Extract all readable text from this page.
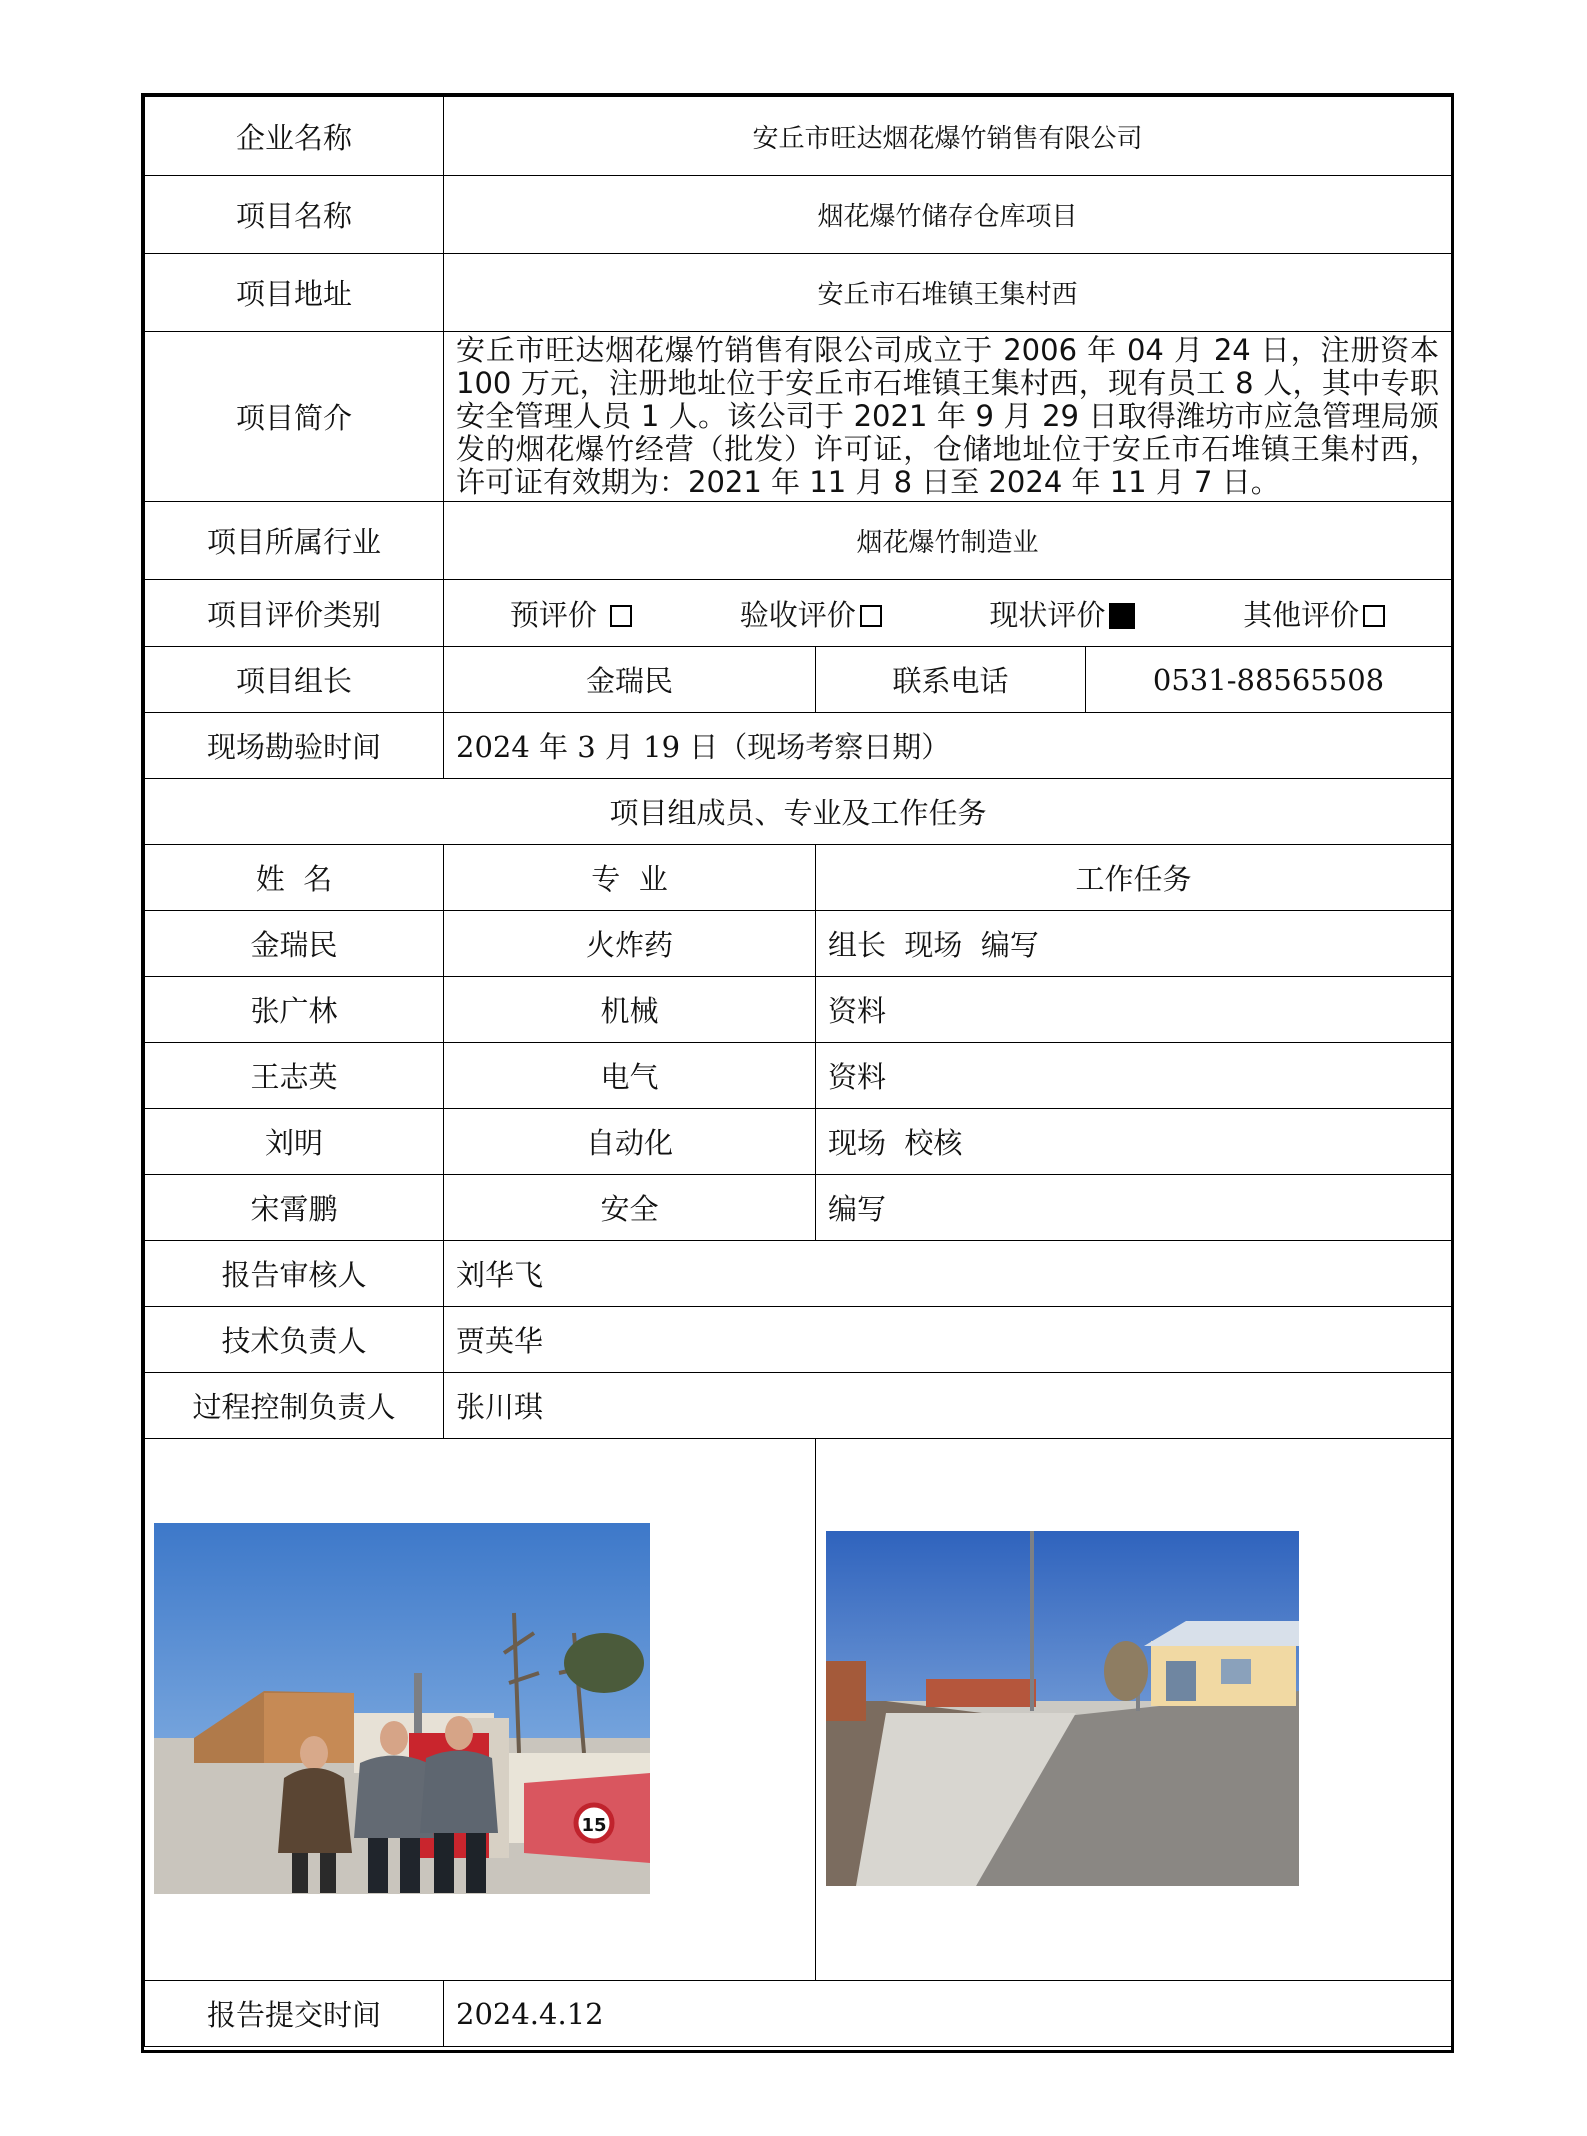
企业名称	安丘市旺达烟花爆竹销售有限公司		
项目名称	烟花爆竹储存仓库项目		
项目地址	安丘市石堆镇王集村西		
项目简介	安丘市旺达烟花爆竹销售有限公司成立于 2006 年 04 月 24 日，注册资本 100 万元，注册地址位于安丘市石堆镇王集村西，现有员工 8 人，其中专职安全管理人员 1 人。该公司于 2021 年 9 月 29 日取得潍坊市应急管理局颁发的烟花爆竹经营（批发）许可证，仓储地址位于安丘市石堆镇王集村西，许可证有效期为：2021 年 11 月 8 日至 2024 年 11 月 7 日。		
项目所属行业	烟花爆竹制造业		
项目评价类别	预评价 验收评价 现状评价 其他评价		

项目组长	金瑞民	联系电话	0531-88565508
现场勘验时间	2024 年 3 月 19 日（现场考察日期）		
项目组成员、专业及工作任务			
姓  名	专  业	工作任务	
金瑞民	火炸药	组长  现场  编写	
张广林	机械	资料	
王志英	电气	资料	
刘明	自动化	现场  校核	
宋霄鹏	安全	编写	
报告审核人	刘华飞		
技术负责人	贾英华		
过程控制负责人	张川琪		

15

报告提交时间	2024.4.12		
